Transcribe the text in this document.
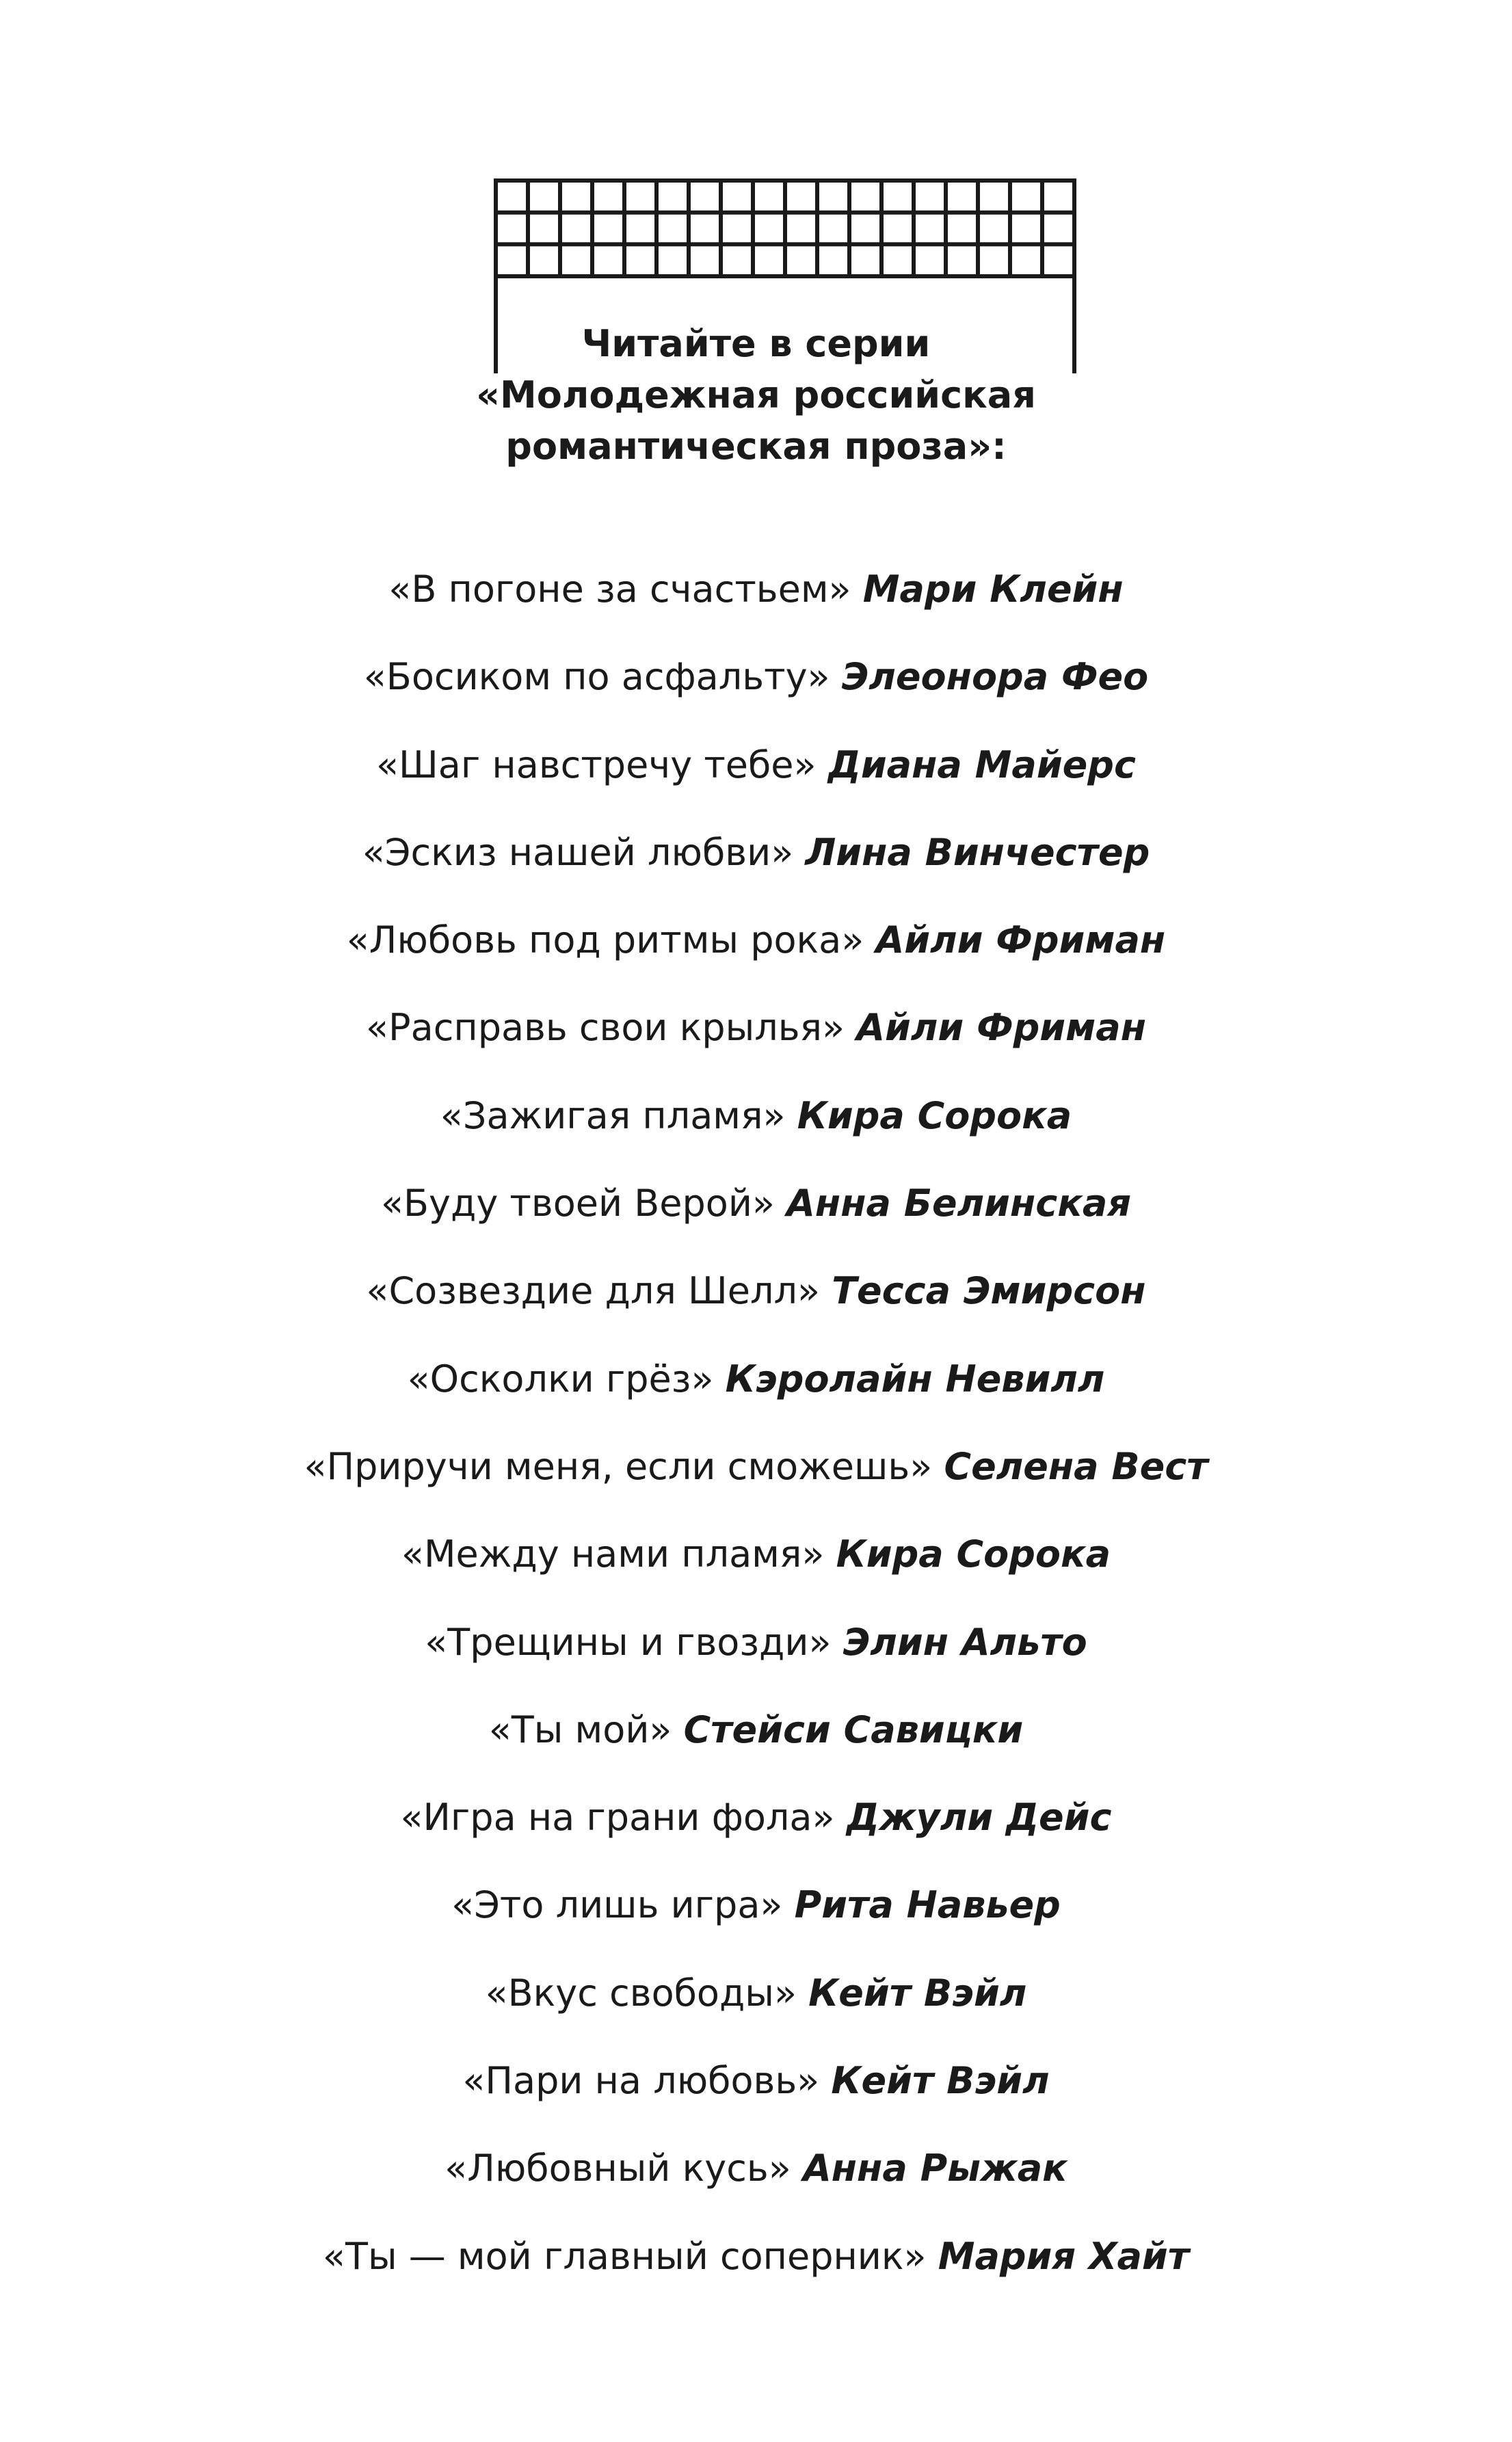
Читайте в серии
«Молодежная российская
романтическая проза»:
«В погоне за счастьем» Мари Клейн
«Босиком по асфальту» Элеонора Фео
«Шаг навстречу тебе» Диана Майерс
«Эскиз нашей любви» Лина Винчестер
«Любовь под ритмы рока» Айли Фриман
«Расправь свои крылья» Айли Фриман
«Зажигая пламя» Кира Сорока
«Буду твоей Верой» Анна Белинская
«Созвездие для Шелл» Тесса Эмирсон
«Осколки грёз» Кэролайн Невилл
«Приручи меня, если сможешь» Селена Вест
«Между нами пламя» Кира Сорока
«Трещины и гвозди» Элин Альто
«Ты мой» Стейси Савицки
«Игра на грани фола» Джули Дейс
«Это лишь игра» Рита Навьер
«Вкус свободы» Кейт Вэйл
«Пари на любовь» Кейт Вэйл
«Любовный кусь» Анна Рыжак
«Ты — мой главный соперник» Мария Хайт
